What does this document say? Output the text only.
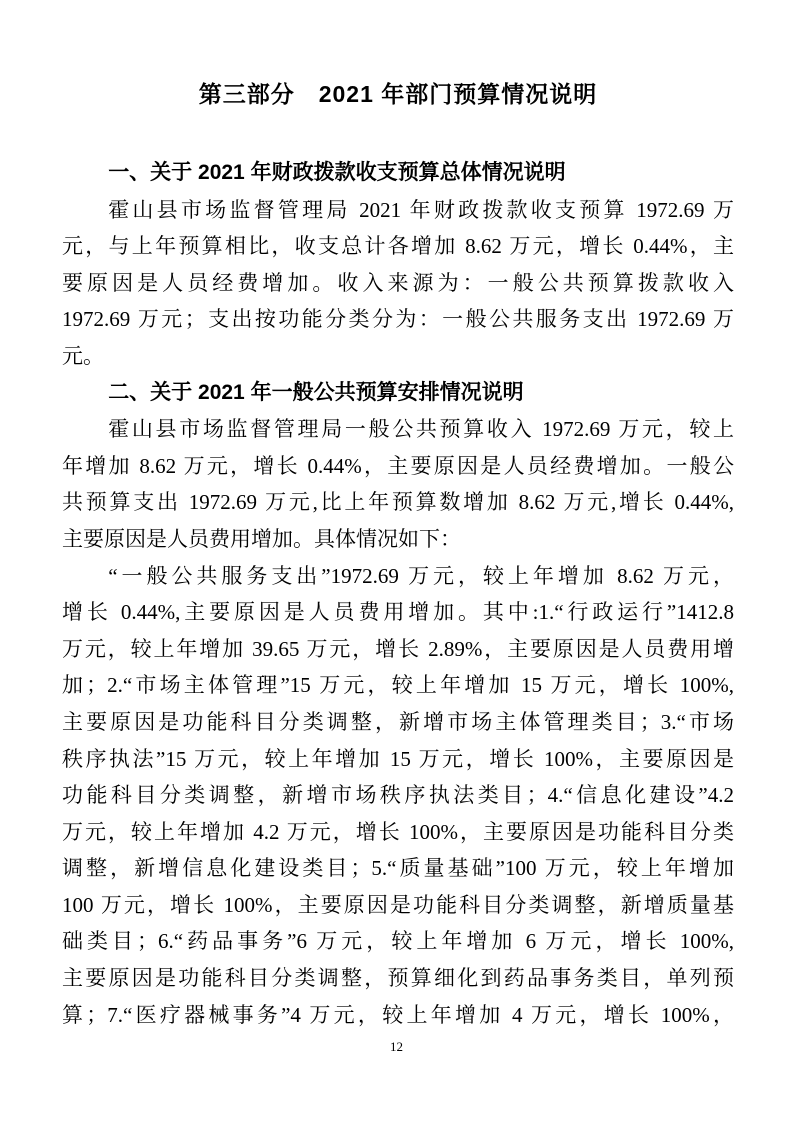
第三部分　2021 年部门预算情况说明
一、关于 2021 年财政拨款收支预算总体情况说明
霍山县市场监督管理局 2021 年财政拨款收支预算 1972.69 万
元，与上年预算相比，收支总计各增加 8.62 万元，增长 0.44%，主
要原因是人员经费增加。收入来源为：一般公共预算拨款收入
1972.69 万元；支出按功能分类分为：一般公共服务支出 1972.69 万
元。
二、关于 2021 年一般公共预算安排情况说明
霍山县市场监督管理局一般公共预算收入 1972.69 万元，较上
年增加 8.62 万元，增长 0.44%，主要原因是人员经费增加。一般公
共预算支出 1972.69 万元,比上年预算数增加 8.62 万元,增长 0.44%,
主要原因是人员费用增加。具体情况如下：
“一般公共服务支出”1972.69 万元，较上年增加 8.62 万元，
增长 0.44%,主要原因是人员费用增加。其中:1.“行政运行”1412.8
万元，较上年增加 39.65 万元，增长 2.89%，主要原因是人员费用增
加；2.“市场主体管理”15 万元，较上年增加 15 万元，增长 100%,
主要原因是功能科目分类调整，新增市场主体管理类目；3.“市场
秩序执法”15 万元，较上年增加 15 万元，增长 100%，主要原因是
功能科目分类调整，新增市场秩序执法类目；4.“信息化建设”4.2
万元，较上年增加 4.2 万元，增长 100%，主要原因是功能科目分类
调整，新增信息化建设类目；5.“质量基础”100 万元，较上年增加
100 万元，增长 100%，主要原因是功能科目分类调整，新增质量基
础类目；6.“药品事务”6 万元，较上年增加 6 万元，增长 100%,
主要原因是功能科目分类调整，预算细化到药品事务类目，单列预
算；7.“医疗器械事务”4 万元，较上年增加 4 万元，增长 100%，
12
